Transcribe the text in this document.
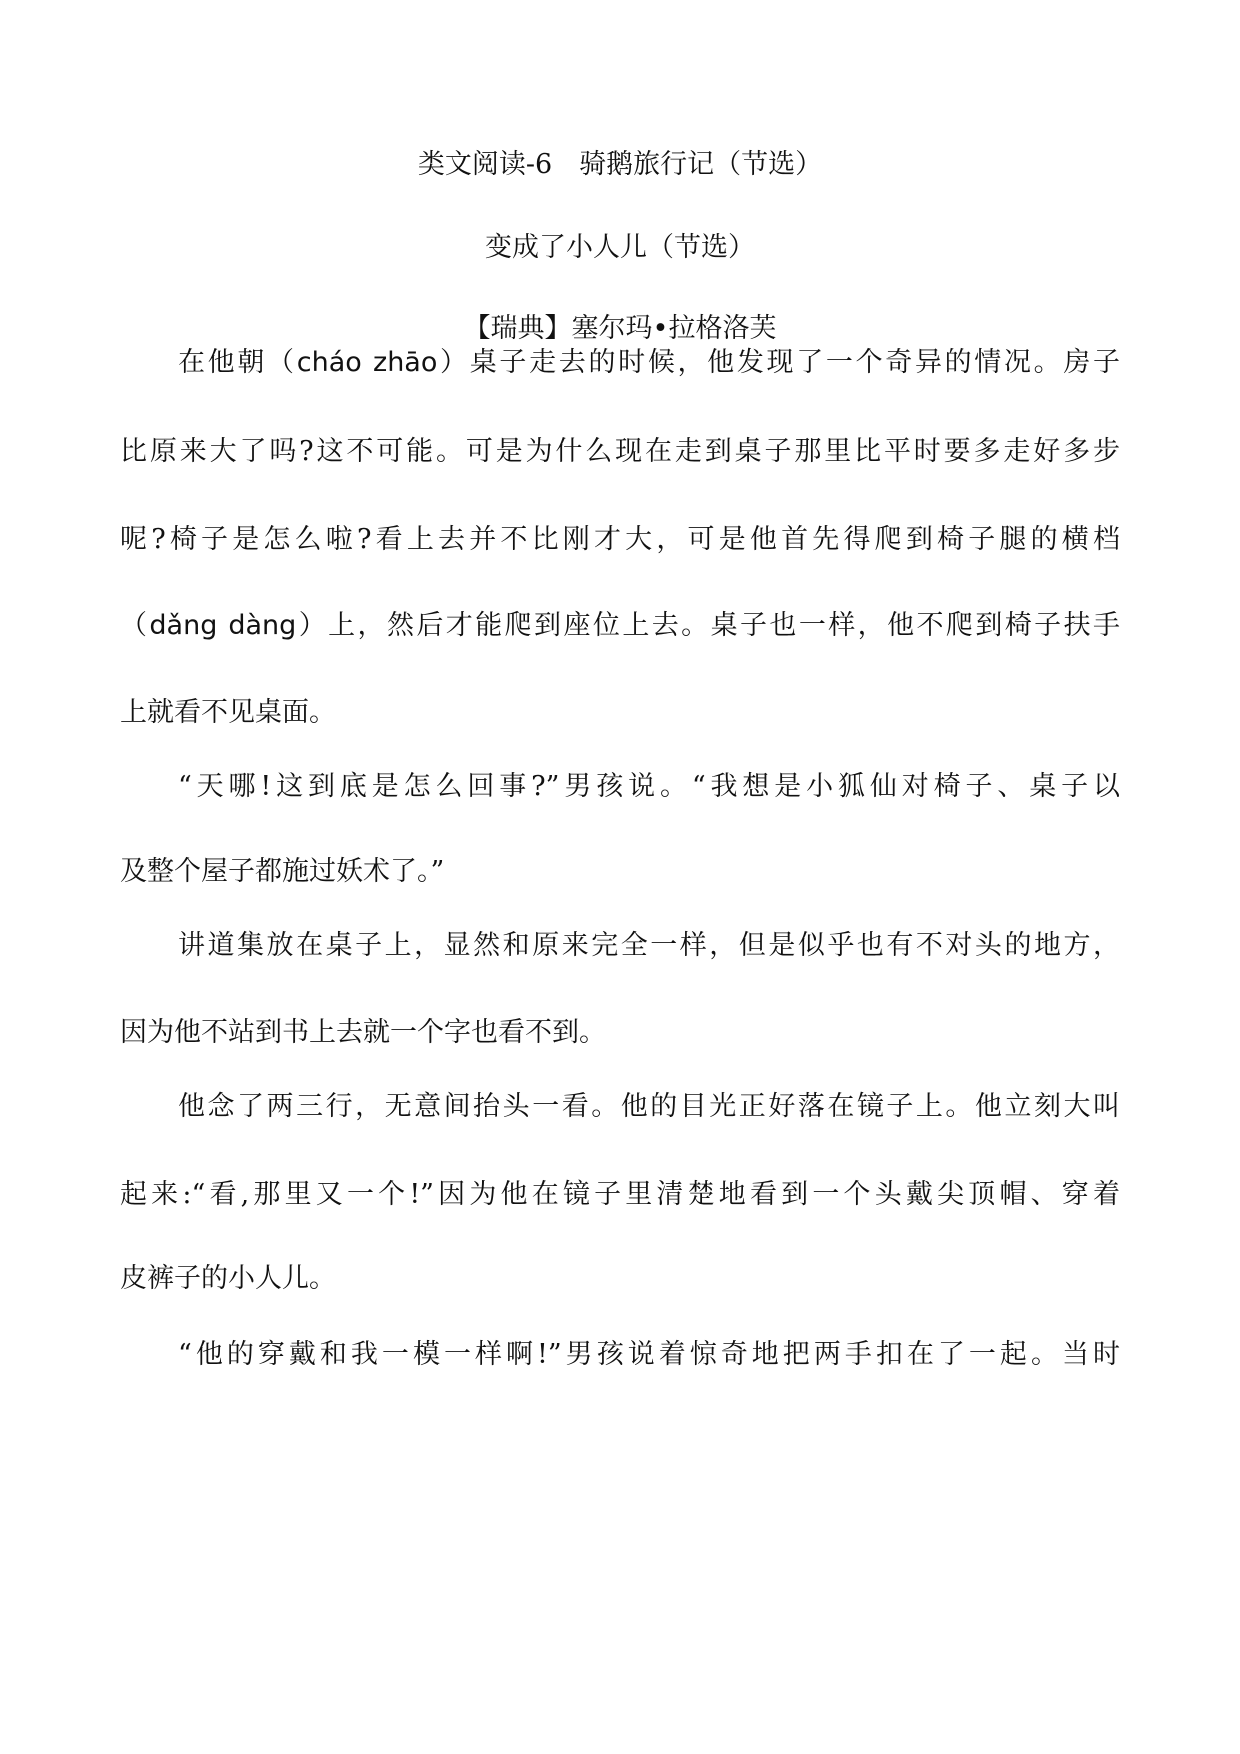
类文阅读-6　骑鹅旅行记（节选）
变成了小人儿（节选）
【瑞典】塞尔玛•拉格洛芙
在他朝（cháo zhāo）桌子走去的时候，他发现了一个奇异的情况。房子
比原来大了吗?这不可能。可是为什么现在走到桌子那里比平时要多走好多步
呢?椅子是怎么啦?看上去并不比刚才大，可是他首先得爬到椅子腿的横档
（dǎng dàng）上，然后才能爬到座位上去。桌子也一样，他不爬到椅子扶手
上就看不见桌面。
“天哪!这到底是怎么回事?”男孩说。“我想是小狐仙对椅子、桌子以
及整个屋子都施过妖术了。”
讲道集放在桌子上，显然和原来完全一样，但是似乎也有不对头的地方，
因为他不站到书上去就一个字也看不到。
他念了两三行，无意间抬头一看。他的目光正好落在镜子上。他立刻大叫
起来:“看,那里又一个!”因为他在镜子里清楚地看到一个头戴尖顶帽、穿着
皮裤子的小人儿。
“他的穿戴和我一模一样啊!”男孩说着惊奇地把两手扣在了一起。当时
